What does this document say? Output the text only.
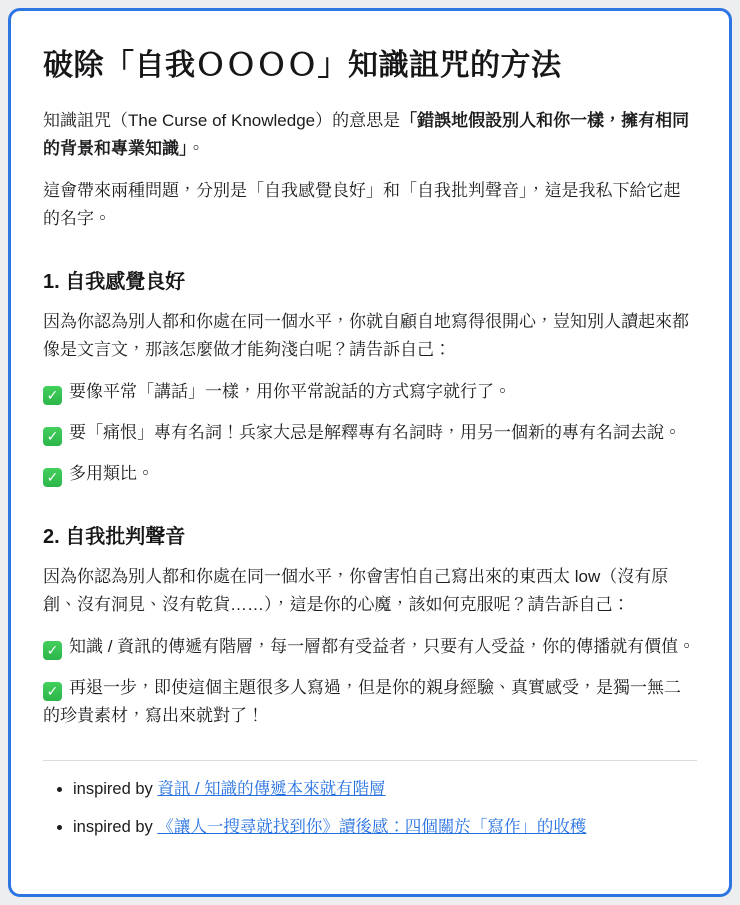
破除「自我ＯＯＯＯ」知識詛咒的方法

知識詛咒（The Curse of Knowledge）的意思是「錯誤地假設別人和你一樣，擁有相同的背景和專業知識」。

這會帶來兩種問題，分別是「自我感覺良好」和「自我批判聲音」，這是我私下給它起的名字。

1. 自我感覺良好

因為你認為別人都和你處在同一個水平，你就自顧自地寫得很開心，豈知別人讀起來都像是文言文，那該怎麼做才能夠淺白呢？請告訴自己：

✓要像平常「講話」一樣，用你平常說話的方式寫字就行了。

✓要「痛恨」專有名詞！兵家大忌是解釋專有名詞時，用另一個新的專有名詞去說。

✓多用類比。

2. 自我批判聲音

因為你認為別人都和你處在同一個水平，你會害怕自己寫出來的東西太 low（沒有原創、沒有洞見、沒有乾貨……），這是你的心魔，該如何克服呢？請告訴自己：

✓知識 / 資訊的傳遞有階層，每一層都有受益者，只要有人受益，你的傳播就有價值。

✓再退一步，即使這個主題很多人寫過，但是你的親身經驗、真實感受，是獨一無二的珍貴素材，寫出來就對了！

• inspired by 資訊 / 知識的傳遞本來就有階層
• inspired by 《讓人一搜尋就找到你》讀後感：四個關於「寫作」的收穫
